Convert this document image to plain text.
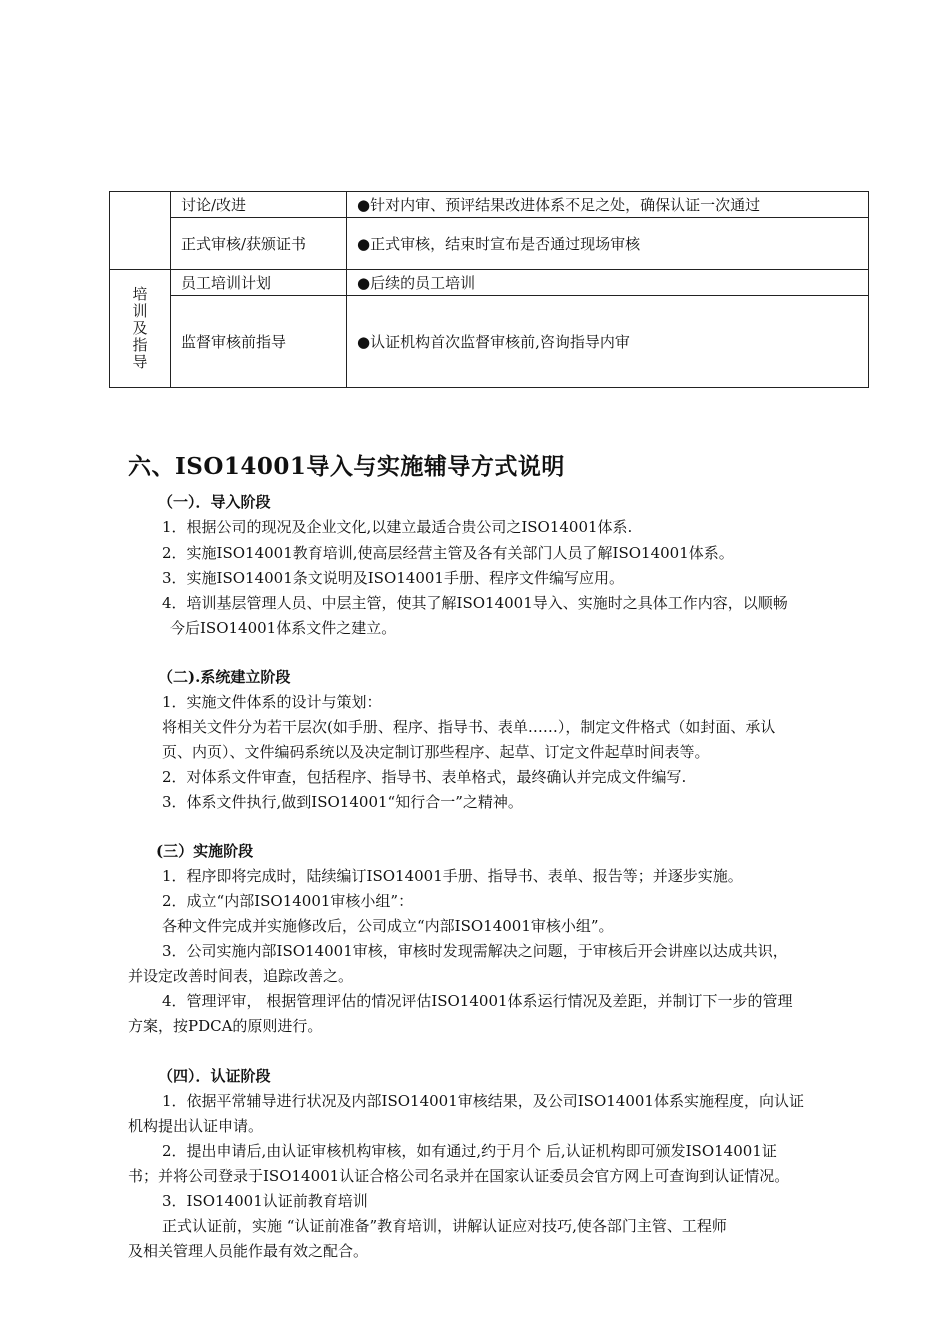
	讨论/改进	●针对内审、预评结果改进体系不足之处，确保认证一次通过
	正式审核/获颁证书	●正式审核，结束时宣布是否通过现场审核
培训及指导	员工培训计划	●后续的员工培训
	监督审核前指导	●认证机构首次监督审核前,咨询指导内审
六、ISO14001导入与实施辅导方式说明
（一）．导入阶段
1．根据公司的现况及企业文化,以建立最适合贵公司之ISO14001体系.
2．实施ISO14001教育培训,使高层经营主管及各有关部门人员了解ISO14001体系。
3．实施ISO14001条文说明及ISO14001手册、程序文件编写应用。
4．培训基层管理人员、中层主管，使其了解ISO14001导入、实施时之具体工作内容，以顺畅
今后ISO14001体系文件之建立。
（二).系统建立阶段
1．实施文件体系的设计与策划：
将相关文件分为若干层次(如手册、程序、指导书、表单……），制定文件格式（如封面、承认
页、内页）、文件编码系统以及决定制订那些程序、起草、订定文件起草时间表等。
2．对体系文件审查，包括程序、指导书、表单格式，最终确认并完成文件编写.
3．体系文件执行,做到ISO14001“知行合一”之精神。
(三）实施阶段
1．程序即将完成时，陆续编订ISO14001手册、指导书、表单、报告等；并逐步实施。
2．成立“内部ISO14001审核小组”：
各种文件完成并实施修改后，公司成立“内部ISO14001审核小组”。
3．公司实施内部ISO14001审核，审核时发现需解决之问题，于审核后开会讲座以达成共识，
并设定改善时间表，追踪改善之。
4．管理评审， 根据管理评估的情况评估ISO14001体系运行情况及差距，并制订下一步的管理
方案，按PDCA的原则进行。
（四）．认证阶段
1．依据平常辅导进行状况及内部ISO14001审核结果，及公司ISO14001体系实施程度，向认证
机构提出认证申请。
2．提出申请后,由认证审核机构审核，如有通过,约于月个 后,认证机构即可颁发ISO14001证
书；并将公司登录于ISO14001认证合格公司名录并在国家认证委员会官方网上可查询到认证情况。
3．ISO14001认证前教育培训
正式认证前，实施 “认证前准备”教育培训，讲解认证应对技巧,使各部门主管、工程师
及相关管理人员能作最有效之配合。
